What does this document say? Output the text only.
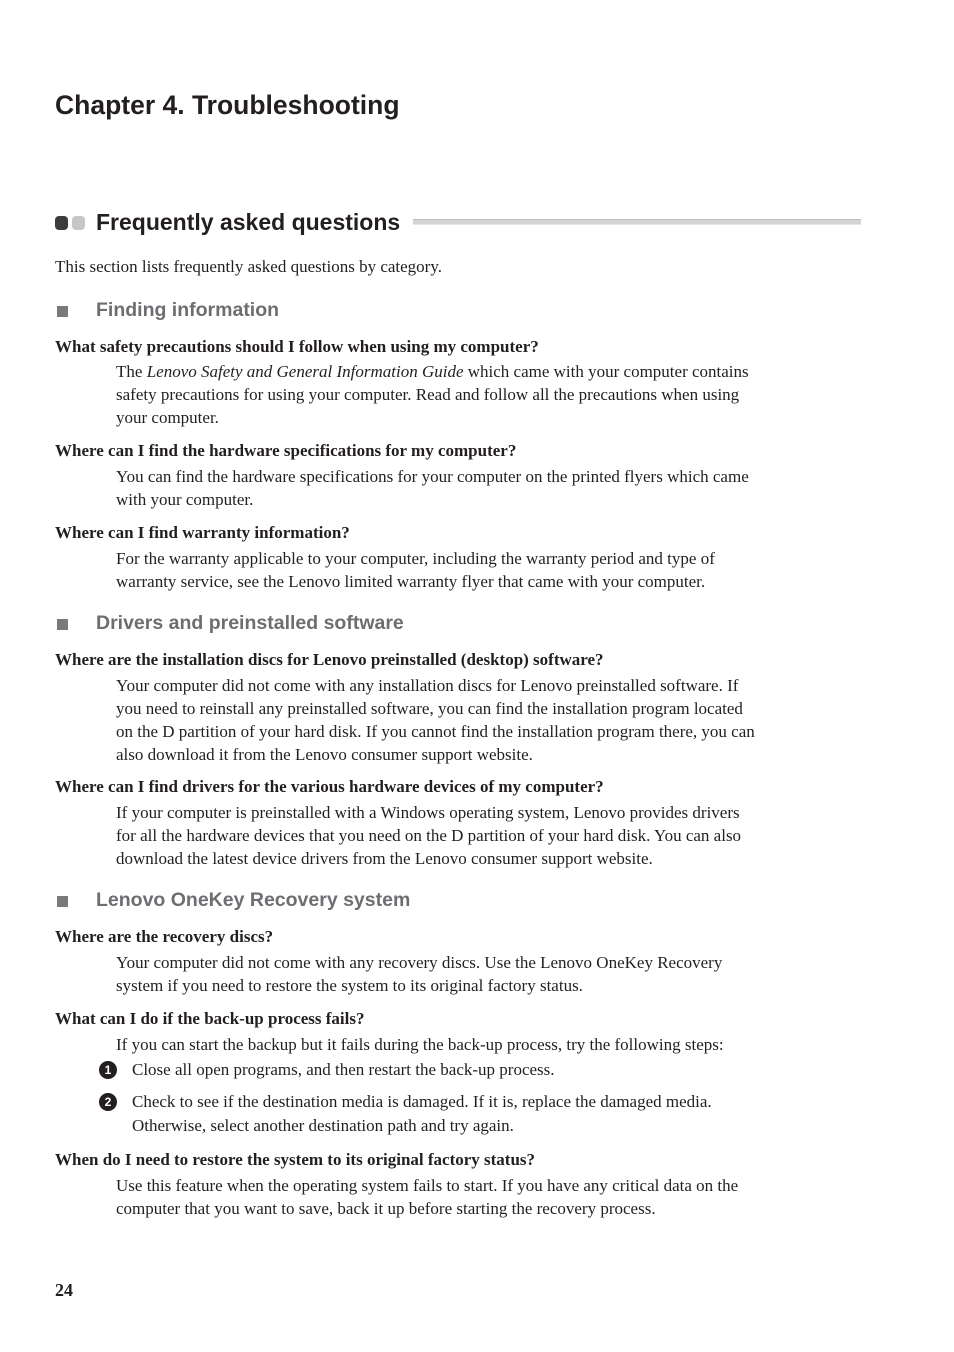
Chapter 4. Troubleshooting
Frequently asked questions
This section lists frequently asked questions by category.
Finding information
What safety precautions should I follow when using my computer?
The Lenovo Safety and General Information Guide which came with your computer contains
safety precautions for using your computer. Read and follow all the precautions when using
your computer.
Where can I find the hardware specifications for my computer?
You can find the hardware specifications for your computer on the printed flyers which came
with your computer.
Where can I find warranty information?
For the warranty applicable to your computer, including the warranty period and type of
warranty service, see the Lenovo limited warranty flyer that came with your computer.
Drivers and preinstalled software
Where are the installation discs for Lenovo preinstalled (desktop) software?
Your computer did not come with any installation discs for Lenovo preinstalled software. If
you need to reinstall any preinstalled software, you can find the installation program located
on the D partition of your hard disk. If you cannot find the installation program there, you can
also download it from the Lenovo consumer support website.
Where can I find drivers for the various hardware devices of my computer?
If your computer is preinstalled with a Windows operating system, Lenovo provides drivers
for all the hardware devices that you need on the D partition of your hard disk. You can also
download the latest device drivers from the Lenovo consumer support website.
Lenovo OneKey Recovery system
Where are the recovery discs?
Your computer did not come with any recovery discs. Use the Lenovo OneKey Recovery
system if you need to restore the system to its original factory status.
What can I do if the back-up process fails?
If you can start the backup but it fails during the back-up process, try the following steps:
1	Close all open programs, and then restart the back-up process.
2	Check to see if the destination media is damaged. If it is, replace the damaged media.
Otherwise, select another destination path and try again.
When do I need to restore the system to its original factory status?
Use this feature when the operating system fails to start. If you have any critical data on the
computer that you want to save, back it up before starting the recovery process.
24
